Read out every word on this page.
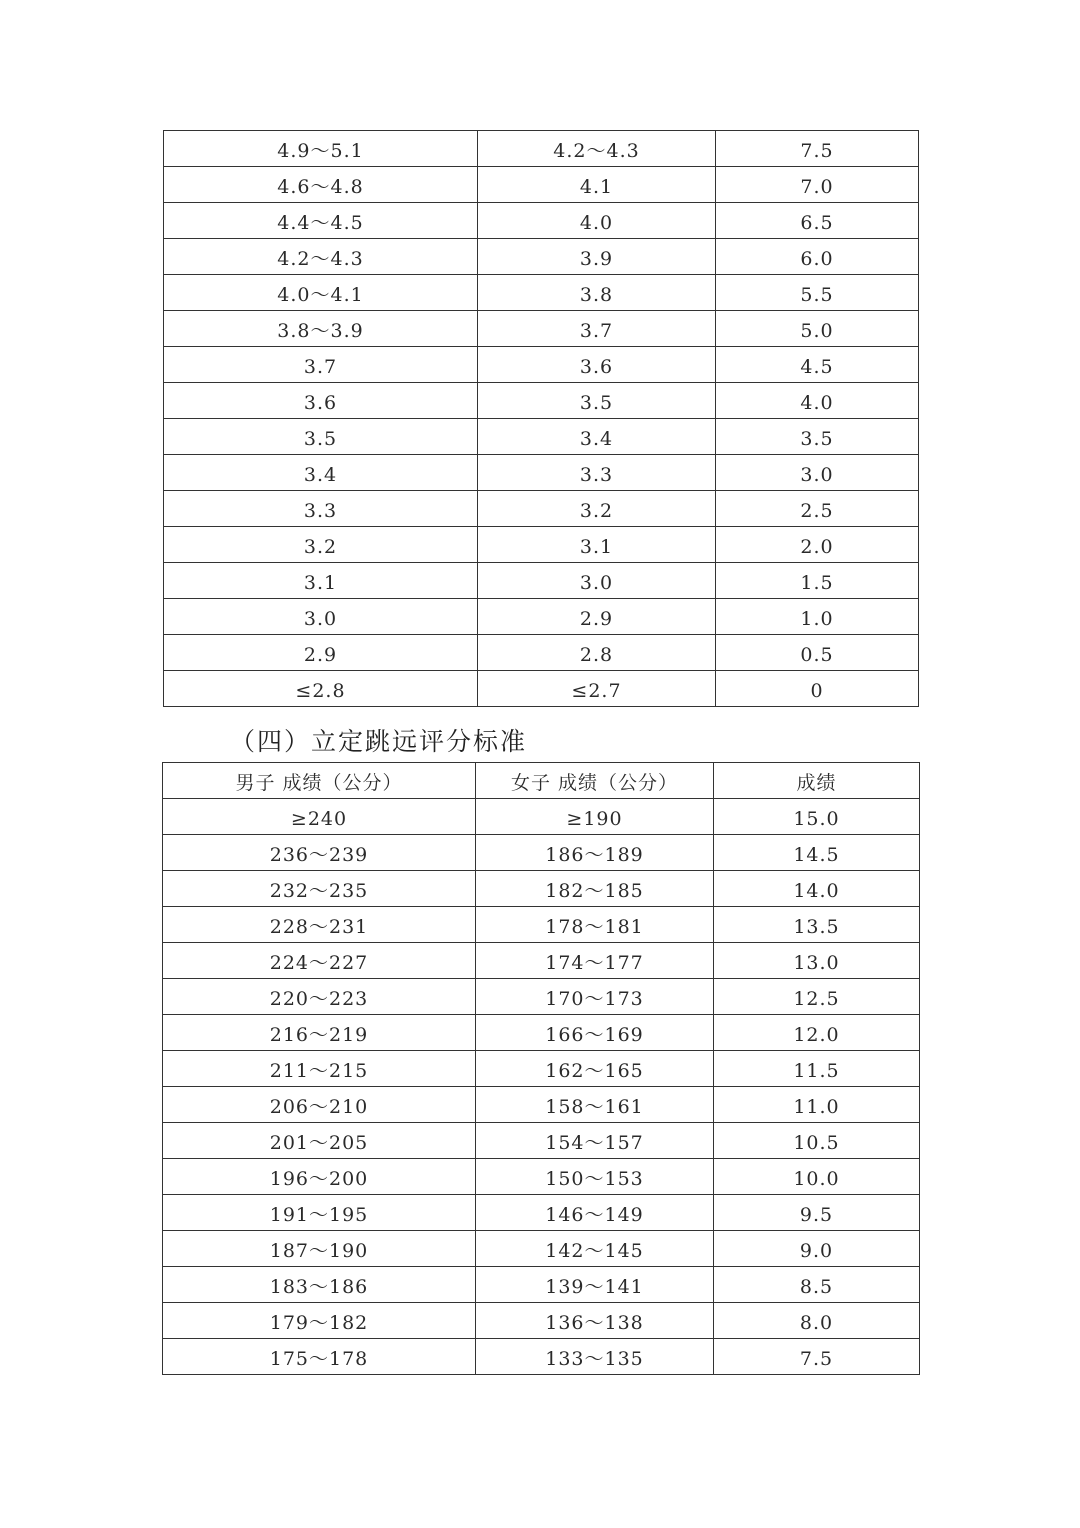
4.9～5.1	4.2～4.3	7.5
4.6～4.8	4.1	7.0
4.4～4.5	4.0	6.5
4.2～4.3	3.9	6.0
4.0～4.1	3.8	5.5
3.8～3.9	3.7	5.0
3.7	3.6	4.5
3.6	3.5	4.0
3.5	3.4	3.5
3.4	3.3	3.0
3.3	3.2	2.5
3.2	3.1	2.0
3.1	3.0	1.5
3.0	2.9	1.0
2.9	2.8	0.5
≤2.8	≤2.7	0
（四）立定跳远评分标准
男子 成绩（公分）	女子 成绩（公分）	成绩
≥240	≥190	15.0
236～239	186～189	14.5
232～235	182～185	14.0
228～231	178～181	13.5
224～227	174～177	13.0
220～223	170～173	12.5
216～219	166～169	12.0
211～215	162～165	11.5
206～210	158～161	11.0
201～205	154～157	10.5
196～200	150～153	10.0
191～195	146～149	9.5
187～190	142～145	9.0
183～186	139～141	8.5
179～182	136～138	8.0
175～178	133～135	7.5
